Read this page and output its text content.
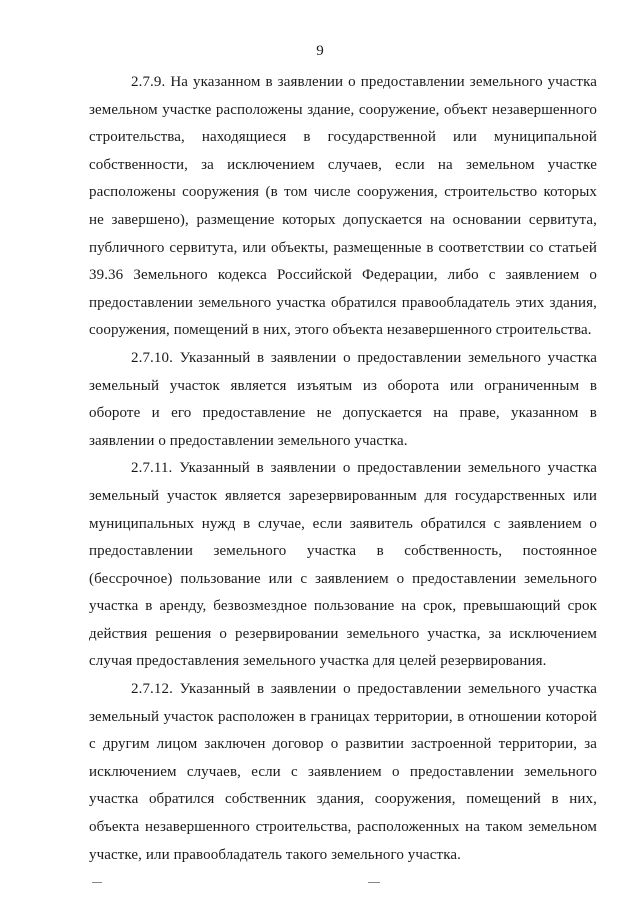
9

2.7.9. На указанном в заявлении о предоставлении земельного участка земельном участке расположены здание, сооружение, объект незавершенного строительства, находящиеся в государственной или муниципальной собственности, за исключением случаев, если на земельном участке расположены сооружения (в том числе сооружения, строительство которых не завершено), размещение которых допускается на основании сервитута, публичного сервитута, или объекты, размещенные в соответствии со статьей 39.36 Земельного кодекса Российской Федерации, либо с заявлением о предоставлении земельного участка обратился правообладатель этих здания, сооружения, помещений в них, этого объекта незавершенного строительства.

2.7.10. Указанный в заявлении о предоставлении земельного участка земельный участок является изъятым из оборота или ограниченным в обороте и его предоставление не допускается на праве, указанном в заявлении о предоставлении земельного участка.

2.7.11. Указанный в заявлении о предоставлении земельного участка земельный участок является зарезервированным для государственных или муниципальных нужд в случае, если заявитель обратился с заявлением о предоставлении земельного участка в собственность, постоянное (бессрочное) пользование или с заявлением о предоставлении земельного участка в аренду, безвозмездное пользование на срок, превышающий срок действия решения о резервировании земельного участка, за исключением случая предоставления земельного участка для целей резервирования.

2.7.12. Указанный в заявлении о предоставлении земельного участка земельный участок расположен в границах территории, в отношении которой с другим лицом заключен договор о развитии застроенной территории, за исключением случаев, если с заявлением о предоставлении земельного участка обратился собственник здания, сооружения, помещений в них, объекта незавершенного строительства, расположенных на таком земельном участке, или правообладатель такого земельного участка.
